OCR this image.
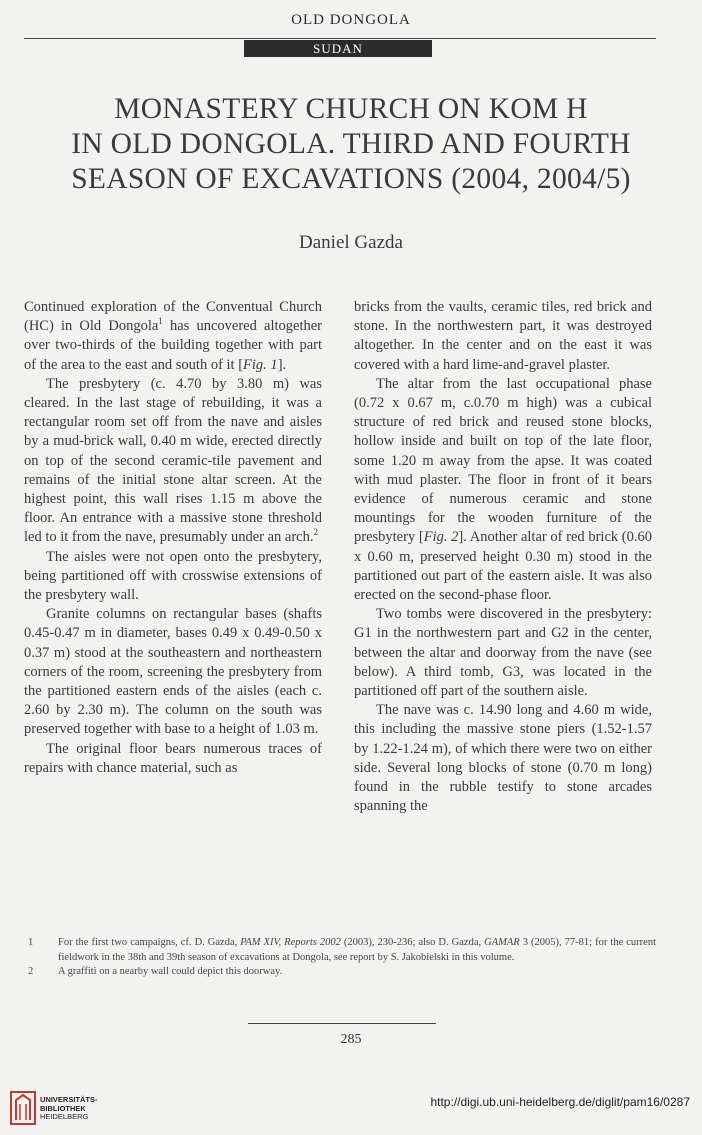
OLD DONGOLA
SUDAN
MONASTERY CHURCH ON KOM H
IN OLD DONGOLA. THIRD AND FOURTH
SEASON OF EXCAVATIONS (2004, 2004/5)
Daniel Gazda

Continued exploration of the Conventual Church (HC) in Old Dongola$^1$ has uncovered altogether over two-thirds of the building together with part of the area to the east and south of it [Fig. 1].

The presbytery (c. 4.70 by 3.80 m) was cleared. In the last stage of rebuilding, it was a rectangular room set off from the nave and aisles by a mud-brick wall, 0.40 m wide, erected directly on top of the second ceramic-tile pavement and remains of the initial stone altar screen. At the highest point, this wall rises 1.15 m above the floor. An entrance with a massive stone threshold led to it from the nave, presumably under an arch.$^2$

The aisles were not open onto the presbytery, being partitioned off with crosswise extensions of the presbytery wall.

Granite columns on rectangular bases (shafts 0.45-0.47 m in diameter, bases 0.49 x 0.49-0.50 x 0.37 m) stood at the southeastern and northeastern corners of the room, screening the presbytery from the partitioned eastern ends of the aisles (each c. 2.60 by 2.30 m). The column on the south was preserved together with base to a height of 1.03 m.

The original floor bears numerous traces of repairs with chance material, such as

bricks from the vaults, ceramic tiles, red brick and stone. In the northwestern part, it was destroyed altogether. In the center and on the east it was covered with a hard lime-and-gravel plaster.

The altar from the last occupational phase (0.72 x 0.67 m, c.0.70 m high) was a cubical structure of red brick and reused stone blocks, hollow inside and built on top of the late floor, some 1.20 m away from the apse. It was coated with mud plaster. The floor in front of it bears evidence of numerous ceramic and stone mountings for the wooden furniture of the presbytery [Fig. 2]. Another altar of red brick (0.60 x 0.60 m, preserved height 0.30 m) stood in the partitioned out part of the eastern aisle. It was also erected on the second-phase floor.

Two tombs were discovered in the presbytery: G1 in the northwestern part and G2 in the center, between the altar and doorway from the nave (see below). A third tomb, G3, was located in the partitioned off part of the southern aisle.

The nave was c. 14.90 long and 4.60 m wide, this including the massive stone piers (1.52-1.57 by 1.22-1.24 m), of which there were two on either side. Several long blocks of stone (0.70 m long) found in the rubble testify to stone arcades spanning the

1	For the first two campaigns, cf. D. Gazda, PAM XIV, Reports 2002 (2003), 230-236; also D. Gazda, GAMAR 3 (2005), 77-81; for the current fieldwork in the 38th and 39th season of excavations at Dongola, see report by S. Jakobielski in this volume.
2	A graffiti on a nearby wall could depict this doorway.
285
UNIVERSITÄTS-
BIBLIOTHEK
HEIDELBERG
http://digi.ub.uni-heidelberg.de/diglit/pam16/0287
